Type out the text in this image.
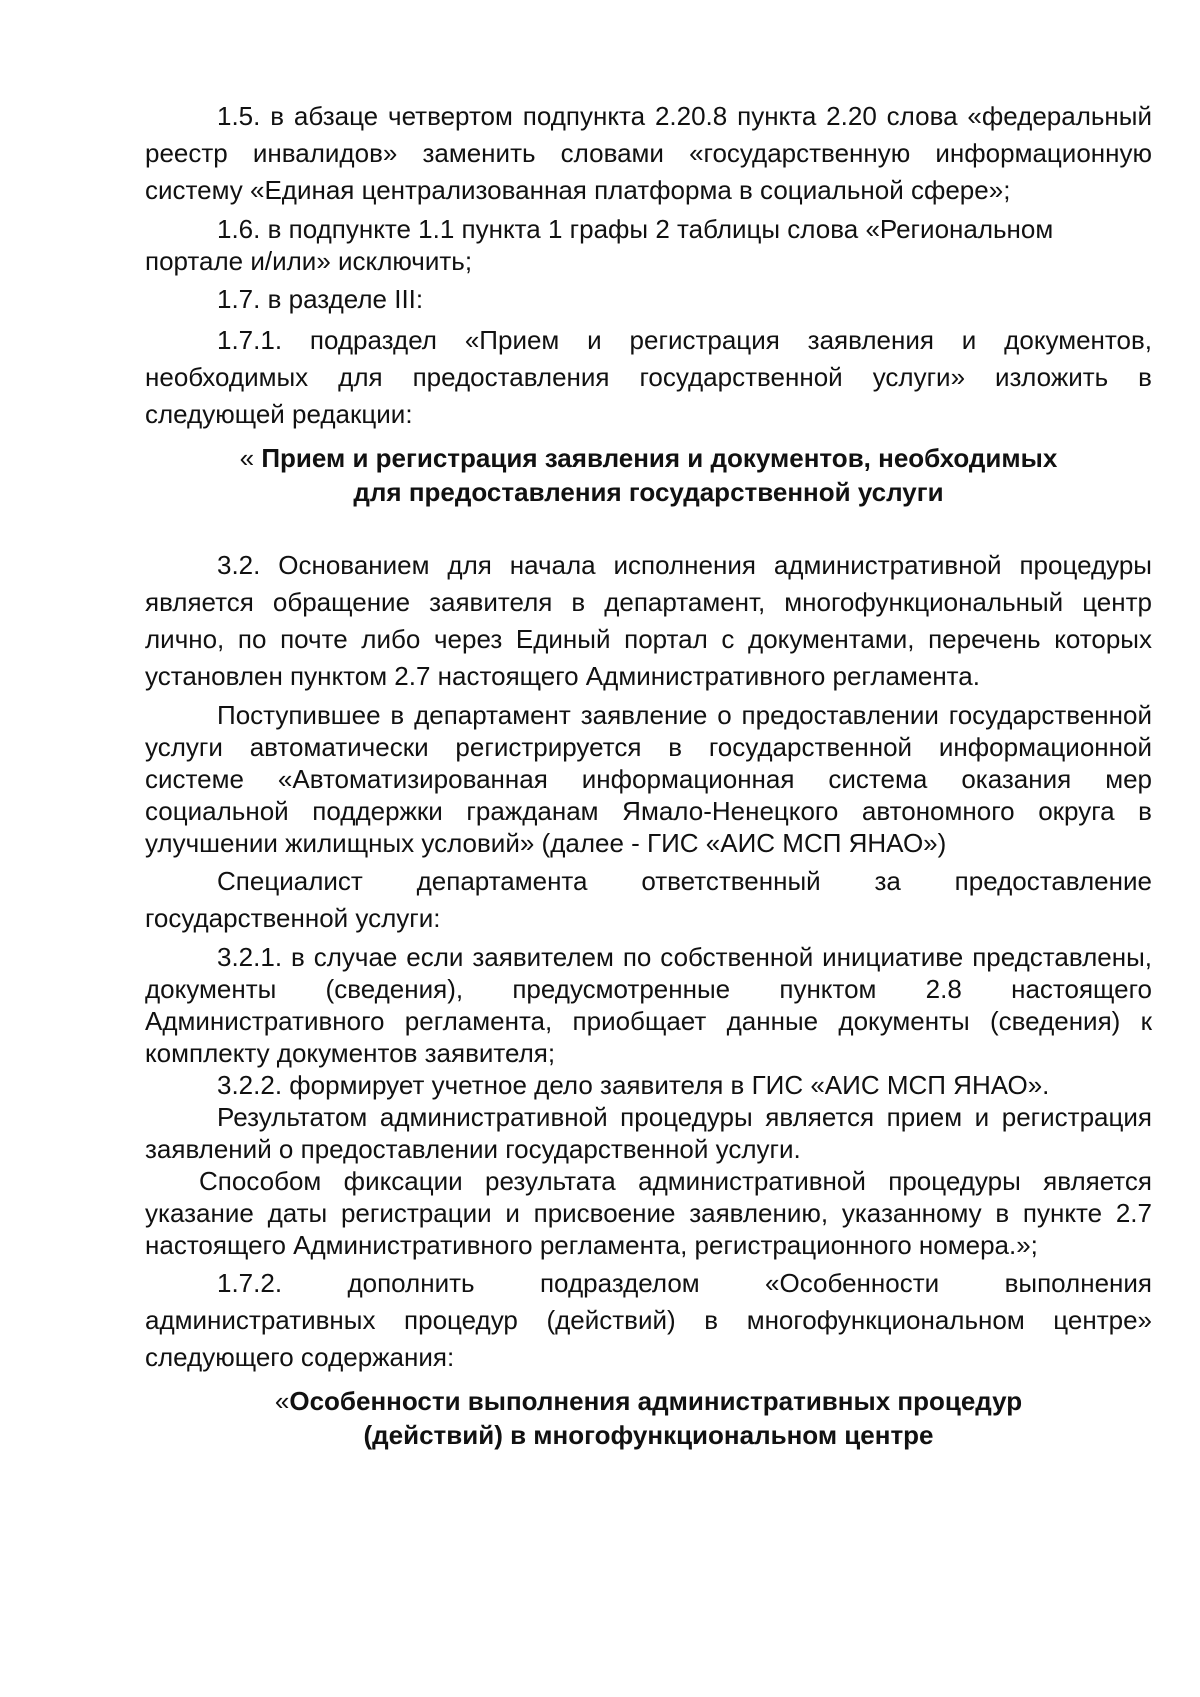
1.5. в абзаце четвертом подпункта 2.20.8 пункта 2.20 слова «федеральный реестр инвалидов» заменить словами «государственную информационную систему «Единая централизованная платформа в социальной сфере»;

1.6. в подпункте 1.1 пункта 1 графы 2 таблицы слова «Региональном портале и/или» исключить;

1.7. в разделе III:

1.7.1. подраздел «Прием и регистрация заявления и документов, необходимых для предоставления государственной услуги» изложить в следующей редакции:

« Прием и регистрация заявления и документов, необходимых
для предоставления государственной услуги

3.2. Основанием для начала исполнения административной процедуры является обращение заявителя в департамент, многофункциональный центр лично, по почте либо через Единый портал с документами, перечень которых установлен пунктом 2.7 настоящего Административного регламента.

Поступившее в департамент заявление о предоставлении государственной услуги автоматически регистрируется в государственной информационной системе «Автоматизированная информационная система оказания мер социальной поддержки гражданам Ямало-Ненецкого автономного округа в улучшении жилищных условий» (далее - ГИС «АИС МСП ЯНАО»)

Специалист департамента ответственный за предоставление государственной услуги:

3.2.1. в случае если заявителем по собственной инициативе представлены, документы (сведения), предусмотренные пунктом 2.8 настоящего Административного регламента, приобщает данные документы (сведения) к комплекту документов заявителя;

3.2.2. формирует учетное дело заявителя в ГИС «АИС МСП ЯНАО».

Результатом административной процедуры является прием и регистрация заявлений о предоставлении государственной услуги.

Способом фиксации результата административной процедуры является указание даты регистрации и присвоение заявлению, указанному в пункте 2.7 настоящего Административного регламента, регистрационного номера.»;

1.7.2. дополнить подразделом «Особенности выполнения административных процедур (действий) в многофункциональном центре» следующего содержания:

«Особенности выполнения административных процедур
(действий) в многофункциональном центре
